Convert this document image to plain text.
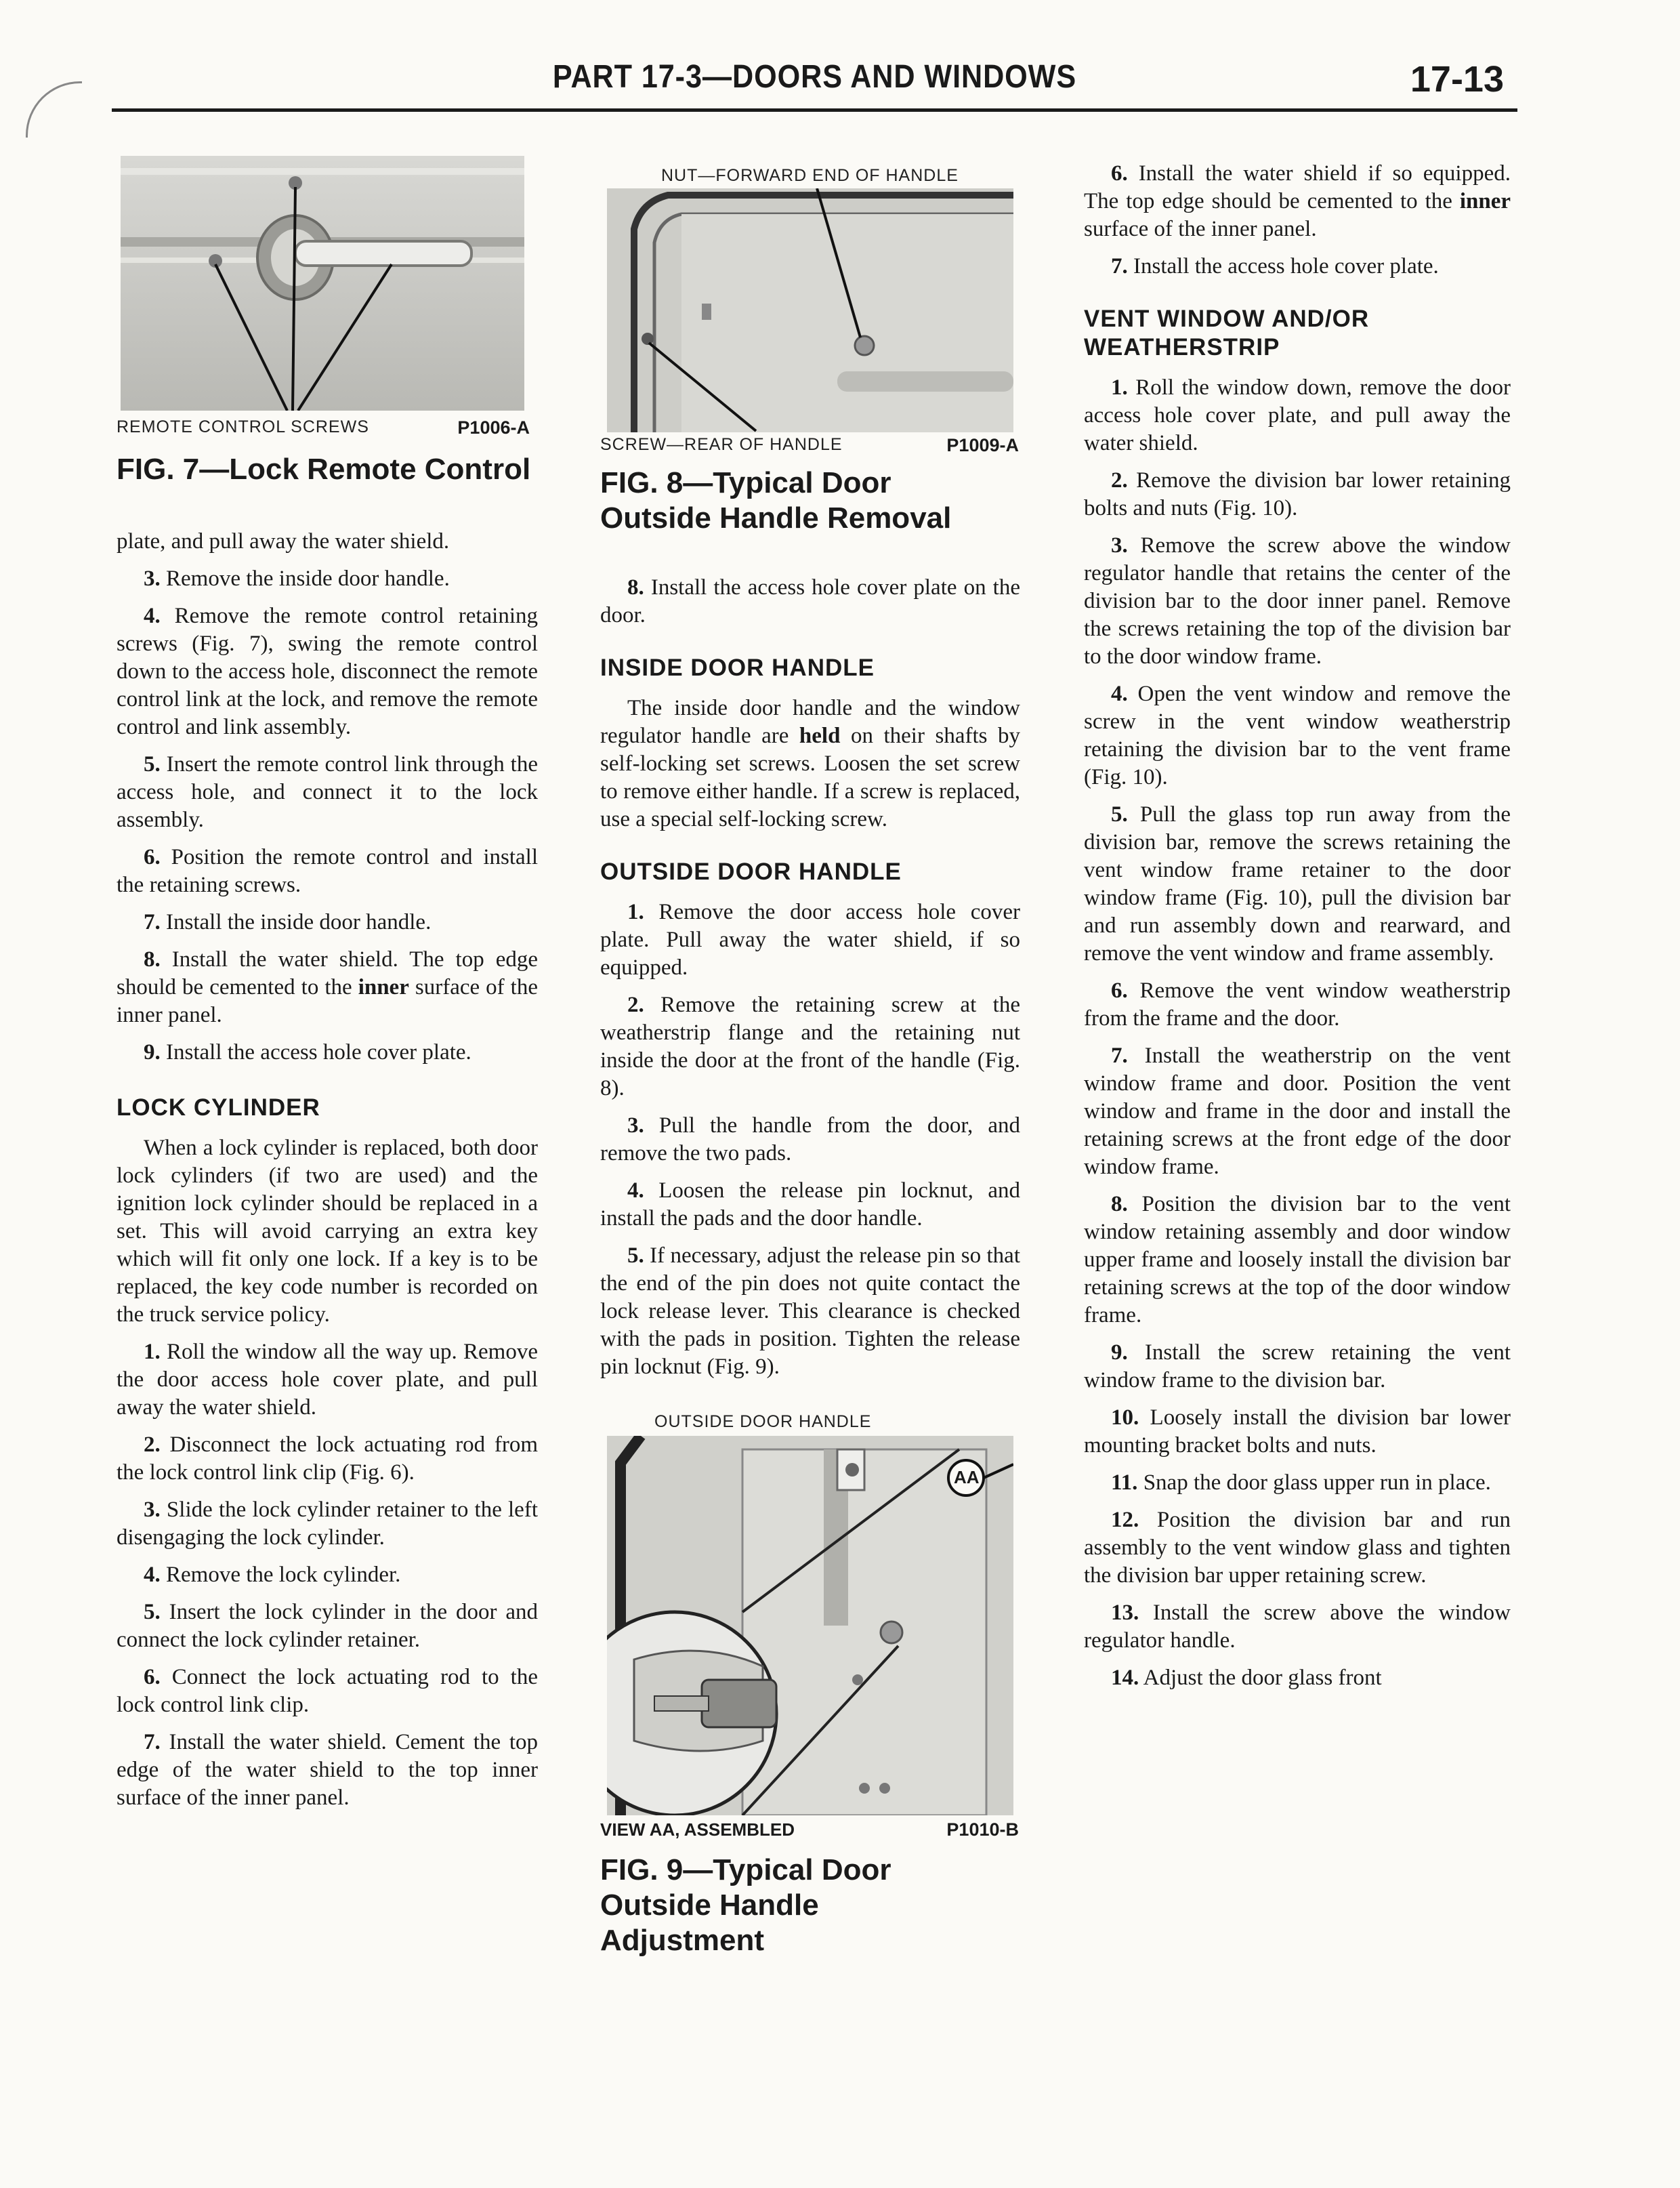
PART 17-3—DOORS AND WINDOWS	17-13
REMOTE CONTROL SCREWS	P1006-A
FIG. 7—Lock Remote Control

plate, and pull away the water shield.

3. Remove the inside door handle.

4. Remove the remote control retaining screws (Fig. 7), swing the remote control down to the access hole, disconnect the remote control link at the lock, and remove the remote control and link assembly.

5. Insert the remote control link through the access hole, and connect it to the lock assembly.

6. Position the remote control and install the retaining screws.

7. Install the inside door handle.

8. Install the water shield. The top edge should be cemented to the inner surface of the inner panel.

9. Install the access hole cover plate.

LOCK CYLINDER

When a lock cylinder is replaced, both door lock cylinders (if two are used) and the ignition lock cylinder should be replaced in a set. This will avoid carrying an extra key which will fit only one lock. If a key is to be replaced, the key code number is recorded on the truck service policy.

1. Roll the window all the way up. Remove the door access hole cover plate, and pull away the water shield.

2. Disconnect the lock actuating rod from the lock control link clip (Fig. 6).

3. Slide the lock cylinder retainer to the left disengaging the lock cylinder.

4. Remove the lock cylinder.

5. Insert the lock cylinder in the door and connect the lock cylinder retainer.

6. Connect the lock actuating rod to the lock control link clip.

7. Install the water shield. Cement the top edge of the water shield to the top inner surface of the inner panel.

NUT—FORWARD END OF HANDLE
SCREW—REAR OF HANDLE	P1009-A
FIG. 8—Typical Door Outside Handle Removal

8. Install the access hole cover plate on the door.

INSIDE DOOR HANDLE

The inside door handle and the window regulator handle are held on their shafts by self-locking set screws. Loosen the set screw to remove either handle. If a screw is replaced, use a special self-locking screw.

OUTSIDE DOOR HANDLE

1. Remove the door access hole cover plate. Pull away the water shield, if so equipped.

2. Remove the retaining screw at the weatherstrip flange and the retaining nut inside the door at the front of the handle (Fig. 8).

3. Pull the handle from the door, and remove the two pads.

4. Loosen the release pin locknut, and install the pads and the door handle.

5. If necessary, adjust the release pin so that the end of the pin does not quite contact the lock release lever. This clearance is checked with the pads in position. Tighten the release pin locknut (Fig. 9).

OUTSIDE DOOR HANDLE
AA
VIEW AA, ASSEMBLED	P1010-B
FIG. 9—Typical Door Outside Handle Adjustment

6. Install the water shield if so equipped. The top edge should be cemented to the inner surface of the inner panel.

7. Install the access hole cover plate.

VENT WINDOW AND/OR WEATHERSTRIP

1. Roll the window down, remove the door access hole cover plate, and pull away the water shield.

2. Remove the division bar lower retaining bolts and nuts (Fig. 10).

3. Remove the screw above the window regulator handle that retains the center of the division bar to the door inner panel. Remove the screws retaining the top of the division bar to the door window frame.

4. Open the vent window and remove the screw in the vent window weatherstrip retaining the division bar to the vent frame (Fig. 10).

5. Pull the glass top run away from the division bar, remove the screws retaining the vent window frame retainer to the door window frame (Fig. 10), pull the division bar and run assembly down and rearward, and remove the vent window and frame assembly.

6. Remove the vent window weatherstrip from the frame and the door.

7. Install the weatherstrip on the vent window frame and door. Position the vent window and frame in the door and install the retaining screws at the front edge of the door window frame.

8. Position the division bar to the vent window retaining assembly and door window upper frame and loosely install the division bar retaining screws at the top of the door window frame.

9. Install the screw retaining the vent window frame to the division bar.

10. Loosely install the division bar lower mounting bracket bolts and nuts.

11. Snap the door glass upper run in place.

12. Position the division bar and run assembly to the vent window glass and tighten the division bar upper retaining screw.

13. Install the screw above the window regulator handle.

14. Adjust the door glass front
